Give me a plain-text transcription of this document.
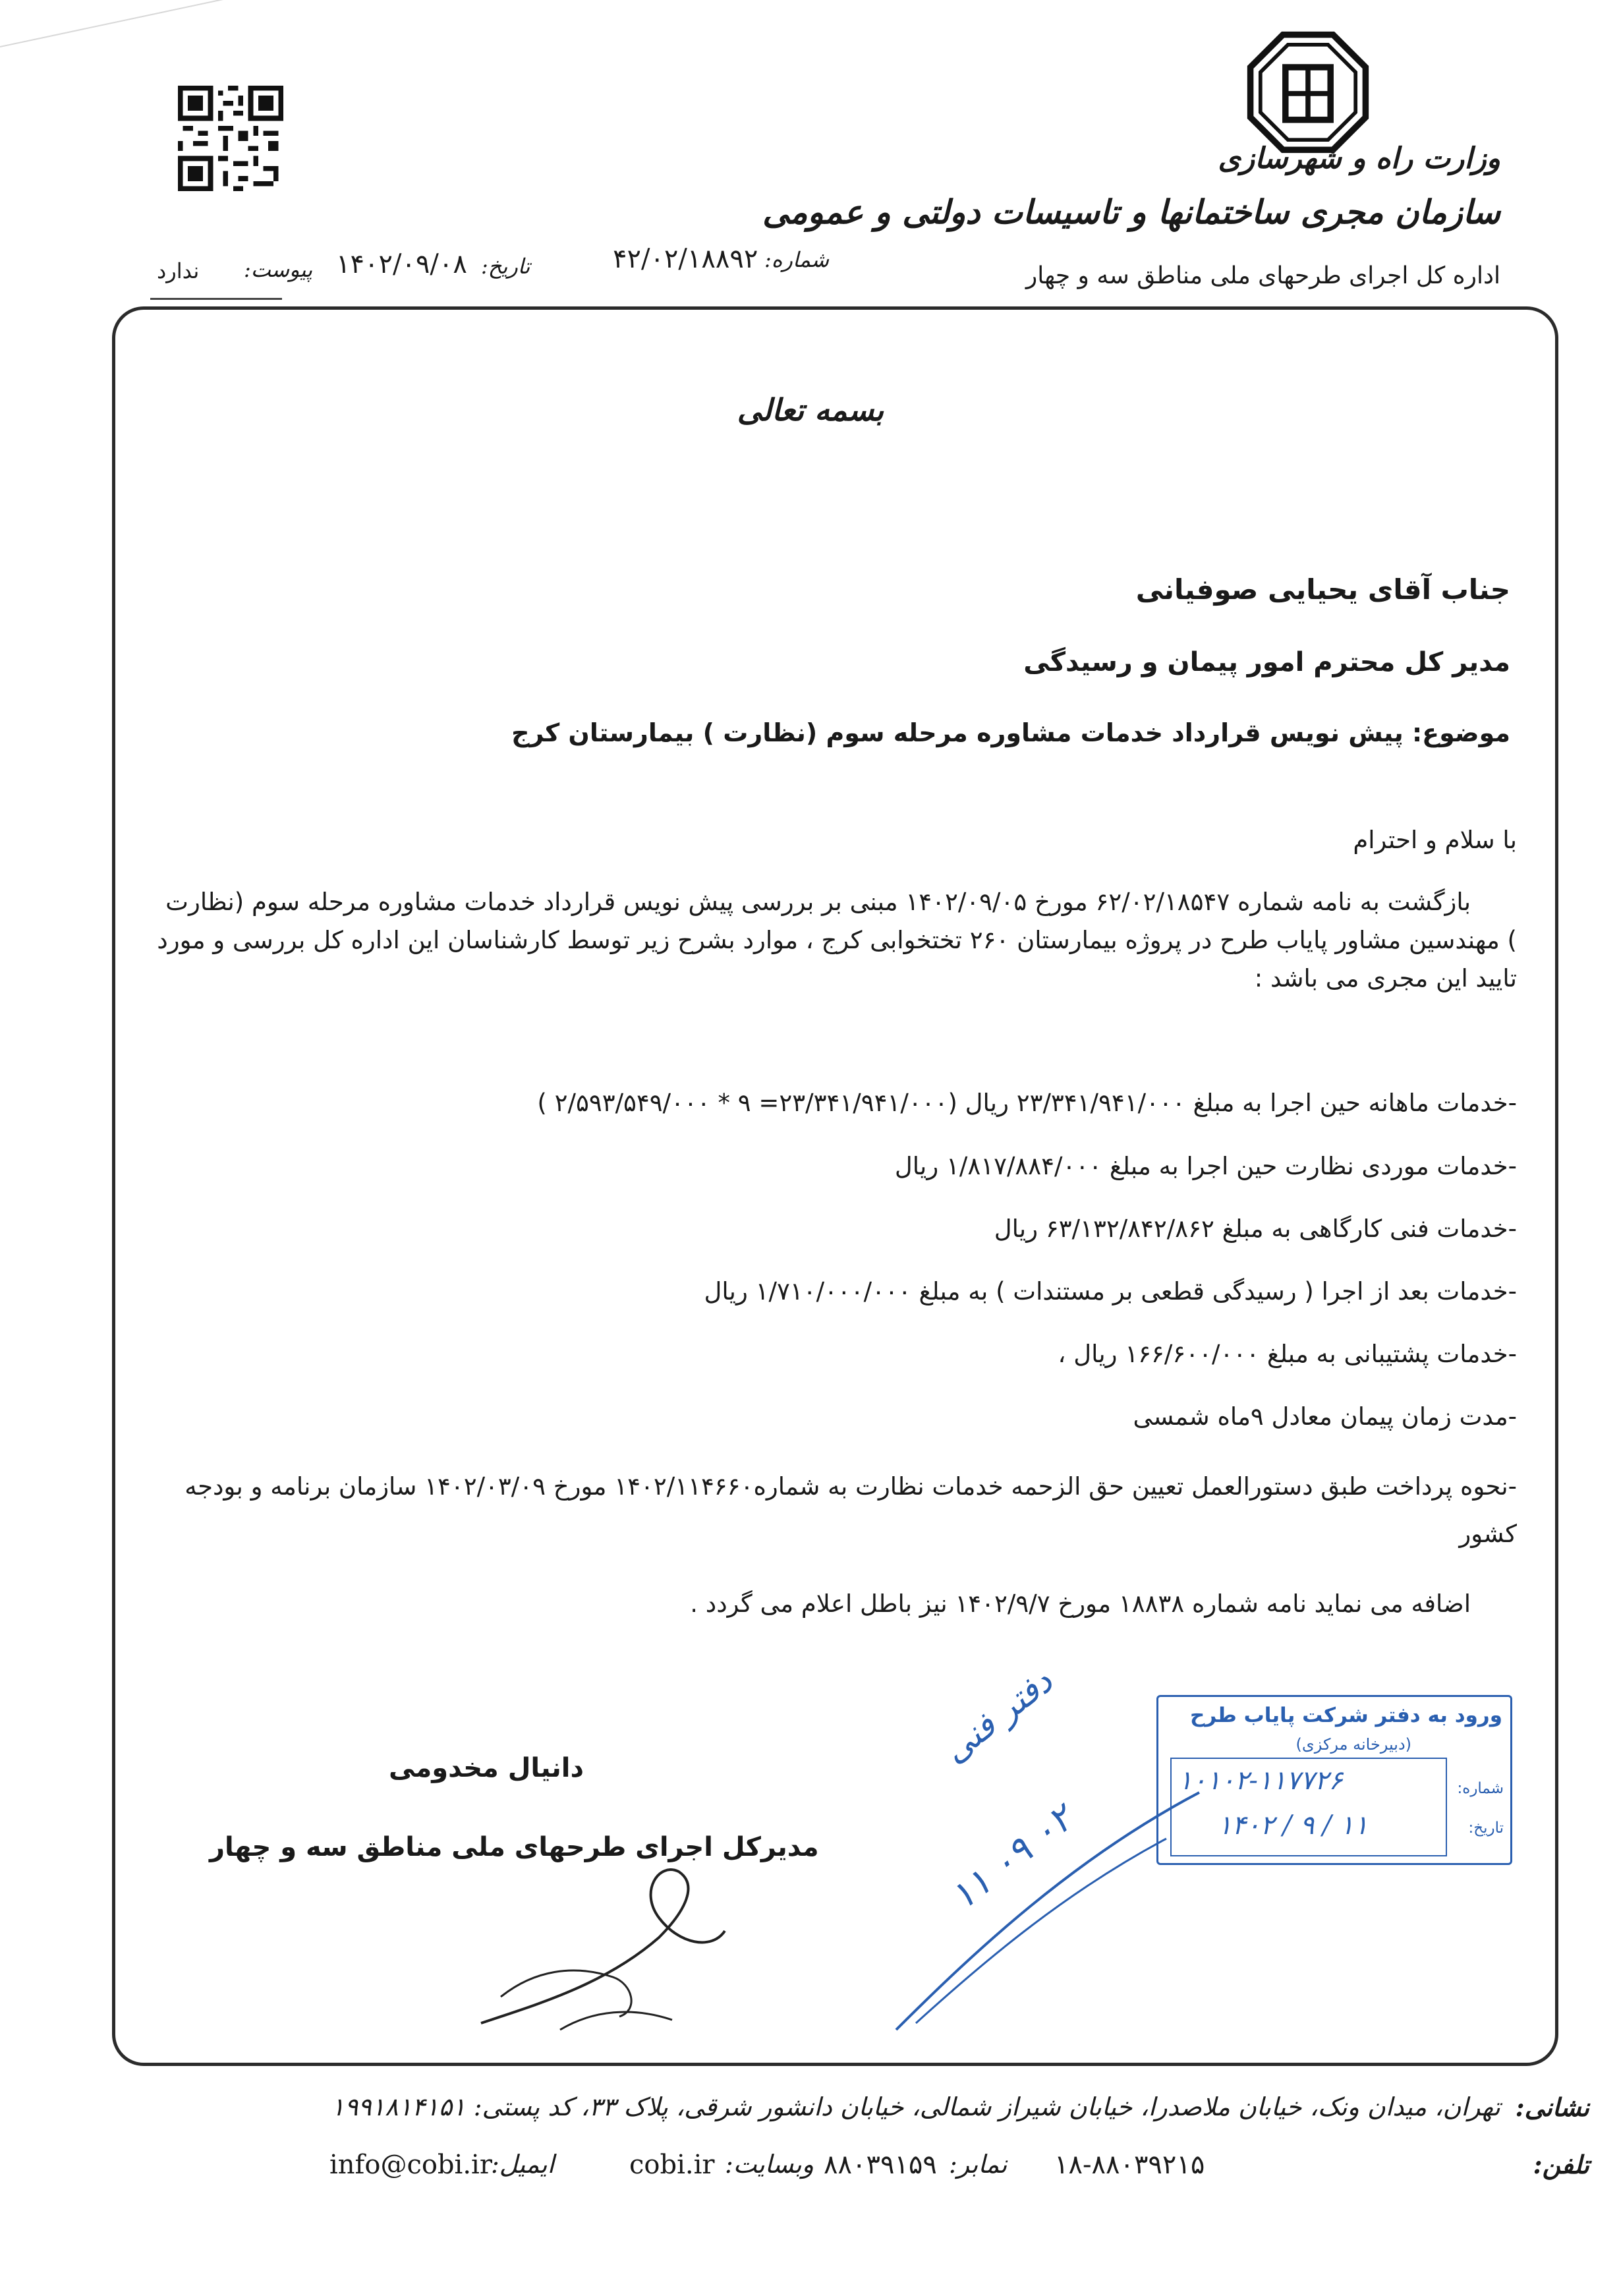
وزارت راه و شهرسازی
سازمان مجری ساختمانها و تاسیسات دولتی و عمومی
اداره کل اجرای طرحهای ملی مناطق سه و چهار
شماره:
۴۲/۰۲/۱۸۸۹۲
تاریخ:
۱۴۰۲/۰۹/۰۸
پیوست:
ندارد
بسمه تعالی
جناب آقای یحیایی صوفیانی
مدیر کل محترم امور پیمان و رسیدگی
موضوع: پیش نویس قرارداد خدمات مشاوره مرحله سوم (نظارت ) بیمارستان کرج
با سلام و احترام
بازگشت به نامه شماره ۶۲/۰۲/۱۸۵۴۷ مورخ ۱۴۰۲/۰۹/۰۵ مبنی بر بررسی پیش نویس قرارداد خدمات مشاوره مرحله سوم (نظارت ) مهندسین مشاور پایاب طرح در پروژه بیمارستان ۲۶۰ تختخوابی کرج ، موارد بشرح زیر توسط کارشناسان این اداره کل بررسی و مورد تایید این مجری می باشد :
-خدمات ماهانه حین اجرا به مبلغ ۲۳/۳۴۱/۹۴۱/۰۰۰ ریال (۲۳/۳۴۱/۹۴۱/۰۰۰= ۹ * ۲/۵۹۳/۵۴۹/۰۰۰ )
-خدمات موردی نظارت حین اجرا به مبلغ ۱/۸۱۷/۸۸۴/۰۰۰ ریال
-خدمات فنی کارگاهی به مبلغ ۶۳/۱۳۲/۸۴۲/۸۶۲ ریال
-خدمات بعد از اجرا ( رسیدگی قطعی بر مستندات ) به مبلغ ۱/۷۱۰/۰۰۰/۰۰۰ ریال
-خدمات پشتیبانی به مبلغ ۱۶۶/۶۰۰/۰۰۰ ریال ،
-مدت زمان پیمان معادل ۹ماه شمسی
-نحوه پرداخت طبق دستورالعمل تعیین حق الزحمه خدمات نظارت به شماره۱۴۰۲/۱۱۴۶۶۰ مورخ ۱۴۰۲/۰۳/۰۹ سازمان برنامه و بودجه کشور
اضافه می نماید نامه شماره ۱۸۸۳۸ مورخ ۱۴۰۲/۹/۷ نیز باطل اعلام می گردد .
دانیال مخدومی
مدیرکل اجرای طرحهای ملی مناطق سه و چهار
دفتر فنی
۱۱ ۰۹ ۰۲
ورود به دفتر شرکت پایاب طرح
(دبیرخانه مرکزی)
شماره:
۱۰۱۰۲-۱۱۷۷۲۶
تاریخ:
۱۴۰۲ / ۹ / ۱۱
نشانی:
تهران، میدان ونک، خیابان ملاصدرا، خیابان شیراز شمالی، خیابان دانشور شرقی، پلاک ۳۳، کد پستی: ۱۹۹۱۸۱۴۱۵۱
تلفن:
۱۸-۸۸۰۳۹۲۱۵
نمابر:
۸۸۰۳۹۱۵۹
وبسایت:
cobi.ir
ایمیل:
info@cobi.ir
